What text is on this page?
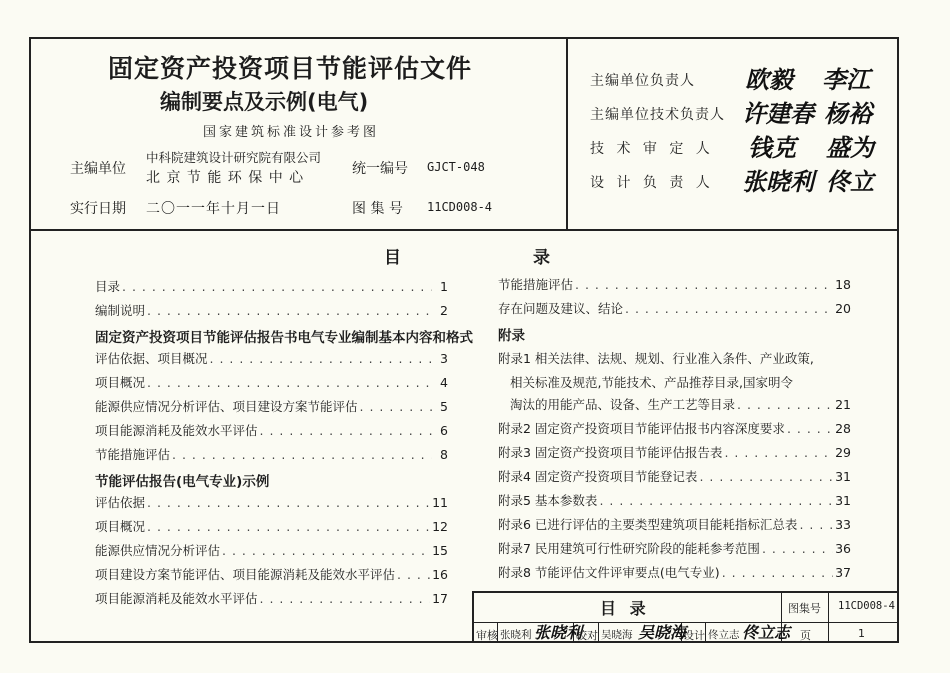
固定资产投资项目节能评估文件
编制要点及示例(电气)
国家建筑标准设计参考图
主编单位
中科院建筑设计研究院有限公司
北 京 节 能 环 保 中 心
统一编号 GJCT-048
实行日期 二〇一一年十月一日	图 集 号 11CD008-4
主编单位负责人 欧毅 李江
主编单位技术负责人 许建春 杨裕
技 术 审 定 人 钱克 盛为
设 计 负 责 人 张晓利 佟立
目	录
目录 . . .	1
编制说明 . . .	2
固定资产投资项目节能评估报告书电气专业编制基本内容和格式
评估依据、项目概况 . . .	3
项目概况 . . .	4
能源供应情况分析评估、项目建设方案节能评估 . . .	5
项目能源消耗及能效水平评估 . . .	6
节能措施评估 . . .	8
节能评估报告(电气专业)示例
评估依据 . . .	11
项目概况 . . .	12
能源供应情况分析评估 . . .	15
项目建设方案节能评估、项目能源消耗及能效水平评估 . . .	16
项目能源消耗及能效水平评估 . . .	17
节能措施评估 . . .	18
存在问题及建议、结论 . . .	20
附录
附录1 相关法律、法规、规划、行业准入条件、产业政策,
相关标准及规范,节能技术、产品推荐目录,国家明令
淘汰的用能产品、设备、生产工艺等目录 . . .	21
附录2 固定资产投资项目节能评估报书内容深度要求 . . .	28
附录3 固定资产投资项目节能评估报告表 . . .	29
附录4 固定资产投资项目节能登记表 . . .	31
附录5 基本参数表 . . .	31
附录6 已进行评估的主要类型建筑项目能耗指标汇总表 . . .	33
附录7 民用建筑可行性研究阶段的能耗参考范围 . . .	36
附录8 节能评估文件评审要点(电气专业) . . .	37
目 录	图集号 11CD008-4
审核 张晓利 张晓利
校对 吴晓海 吴晓海
设计 佟立志 佟立志 页	1
